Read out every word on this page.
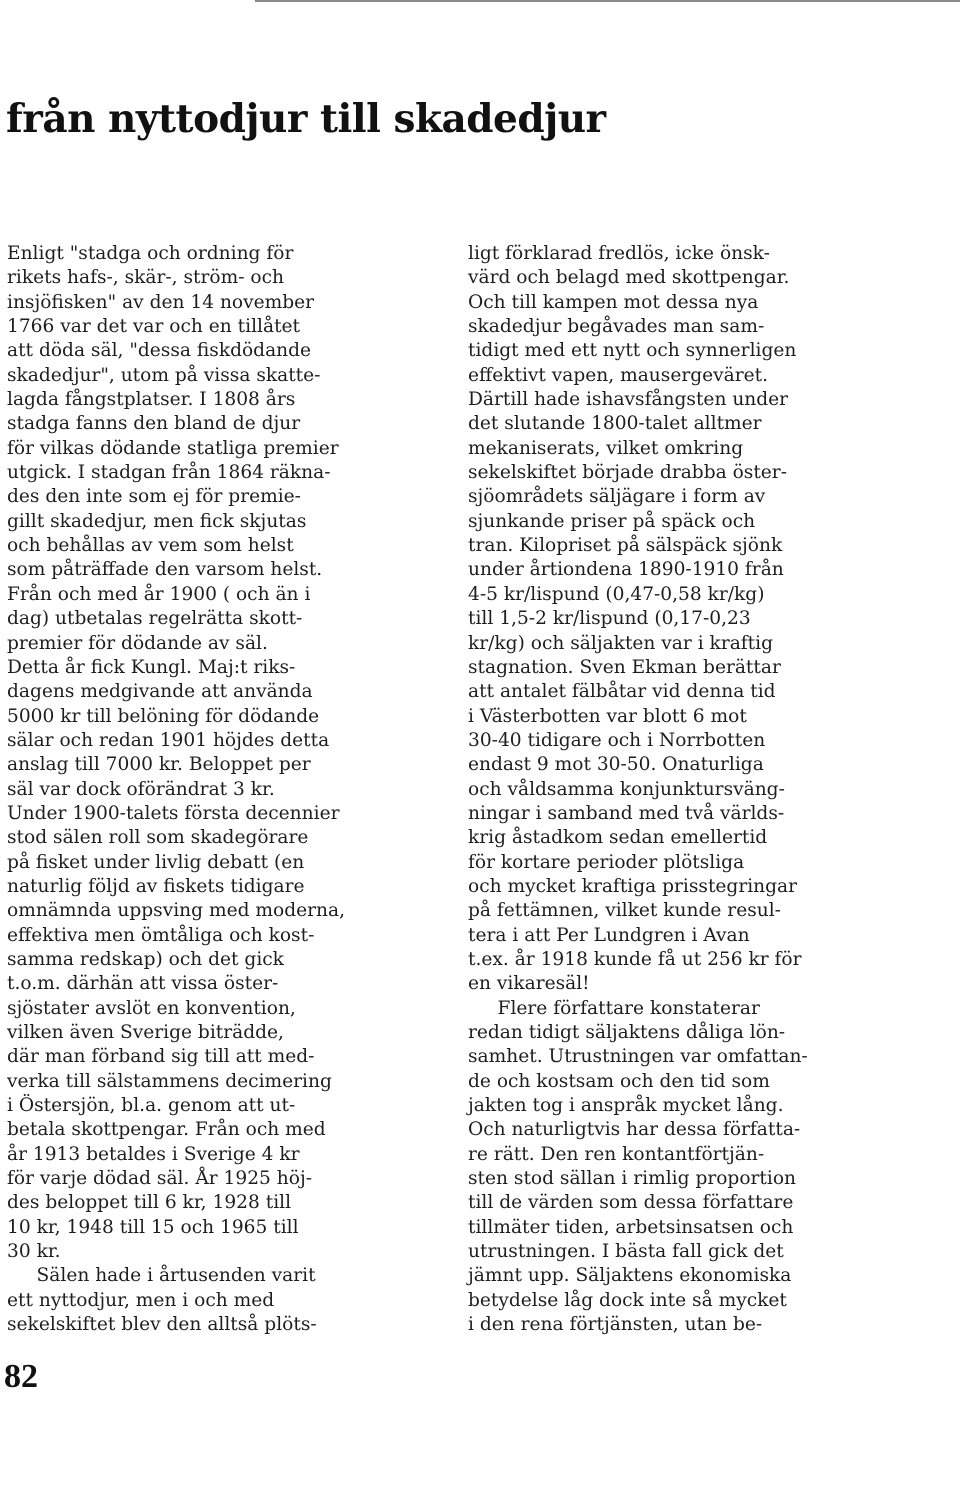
från nyttodjur till skadedjur
Enligt "stadga och ordning för
rikets hafs-, skär-, ström- och
insjöfisken" av den 14 november
1766 var det var och en tillåtet
att döda säl, "dessa fiskdödande
skadedjur", utom på vissa skatte-
lagda fångstplatser. I 1808 års
stadga fanns den bland de djur
för vilkas dödande statliga premier
utgick. I stadgan från 1864 räkna-
des den inte som ej för premie-
gillt skadedjur, men fick skjutas
och behållas av vem som helst
som påträffade den varsom helst.
Från och med år 1900 ( och än i
dag) utbetalas regelrätta skott-
premier för dödande av säl.
Detta år fick Kungl. Maj:t riks-
dagens medgivande att använda
5000 kr till belöning för dödande
sälar och redan 1901 höjdes detta
anslag till 7000 kr. Beloppet per
säl var dock oförändrat 3 kr.
Under 1900-talets första decennier
stod sälen roll som skadegörare
på fisket under livlig debatt (en
naturlig följd av fiskets tidigare
omnämnda uppsving med moderna,
effektiva men ömtåliga och kost-
samma redskap) och det gick
t.o.m. därhän att vissa öster-
sjöstater avslöt en konvention,
vilken även Sverige biträdde,
där man förband sig till att med-
verka till sälstammens decimering
i Östersjön, bl.a. genom att ut-
betala skottpengar. Från och med
år 1913 betaldes i Sverige 4 kr
för varje dödad säl. År 1925 höj-
des beloppet till 6 kr, 1928 till
10 kr, 1948 till 15 och 1965 till
30 kr.
Sälen hade i årtusenden varit
ett nyttodjur, men i och med
sekelskiftet blev den alltså plöts-
ligt förklarad fredlös, icke önsk-
värd och belagd med skottpengar.
Och till kampen mot dessa nya
skadedjur begåvades man sam-
tidigt med ett nytt och synnerligen
effektivt vapen, mausergeväret.
Därtill hade ishavsfångsten under
det slutande 1800-talet alltmer
mekaniserats, vilket omkring
sekelskiftet började drabba öster-
sjöområdets säljägare i form av
sjunkande priser på späck och
tran. Kilopriset på sälspäck sjönk
under årtiondena 1890-1910 från
4-5 kr/lispund (0,47-0,58 kr/kg)
till 1,5-2 kr/lispund (0,17-0,23
kr/kg) och säljakten var i kraftig
stagnation. Sven Ekman berättar
att antalet fälbåtar vid denna tid
i Västerbotten var blott 6 mot
30-40 tidigare och i Norrbotten
endast 9 mot 30-50. Onaturliga
och våldsamma konjunktursväng-
ningar i samband med två världs-
krig åstadkom sedan emellertid
för kortare perioder plötsliga
och mycket kraftiga prisstegringar
på fettämnen, vilket kunde resul-
tera i att Per Lundgren i Avan
t.ex. år 1918 kunde få ut 256 kr för
en vikaresäl!
Flere författare konstaterar
redan tidigt säljaktens dåliga lön-
samhet. Utrustningen var omfattan-
de och kostsam och den tid som
jakten tog i anspråk mycket lång.
Och naturligtvis har dessa författa-
re rätt. Den ren kontantförtjän-
sten stod sällan i rimlig proportion
till de värden som dessa författare
tillmäter tiden, arbetsinsatsen och
utrustningen. I bästa fall gick det
jämnt upp. Säljaktens ekonomiska
betydelse låg dock inte så mycket
i den rena förtjänsten, utan be-
82
